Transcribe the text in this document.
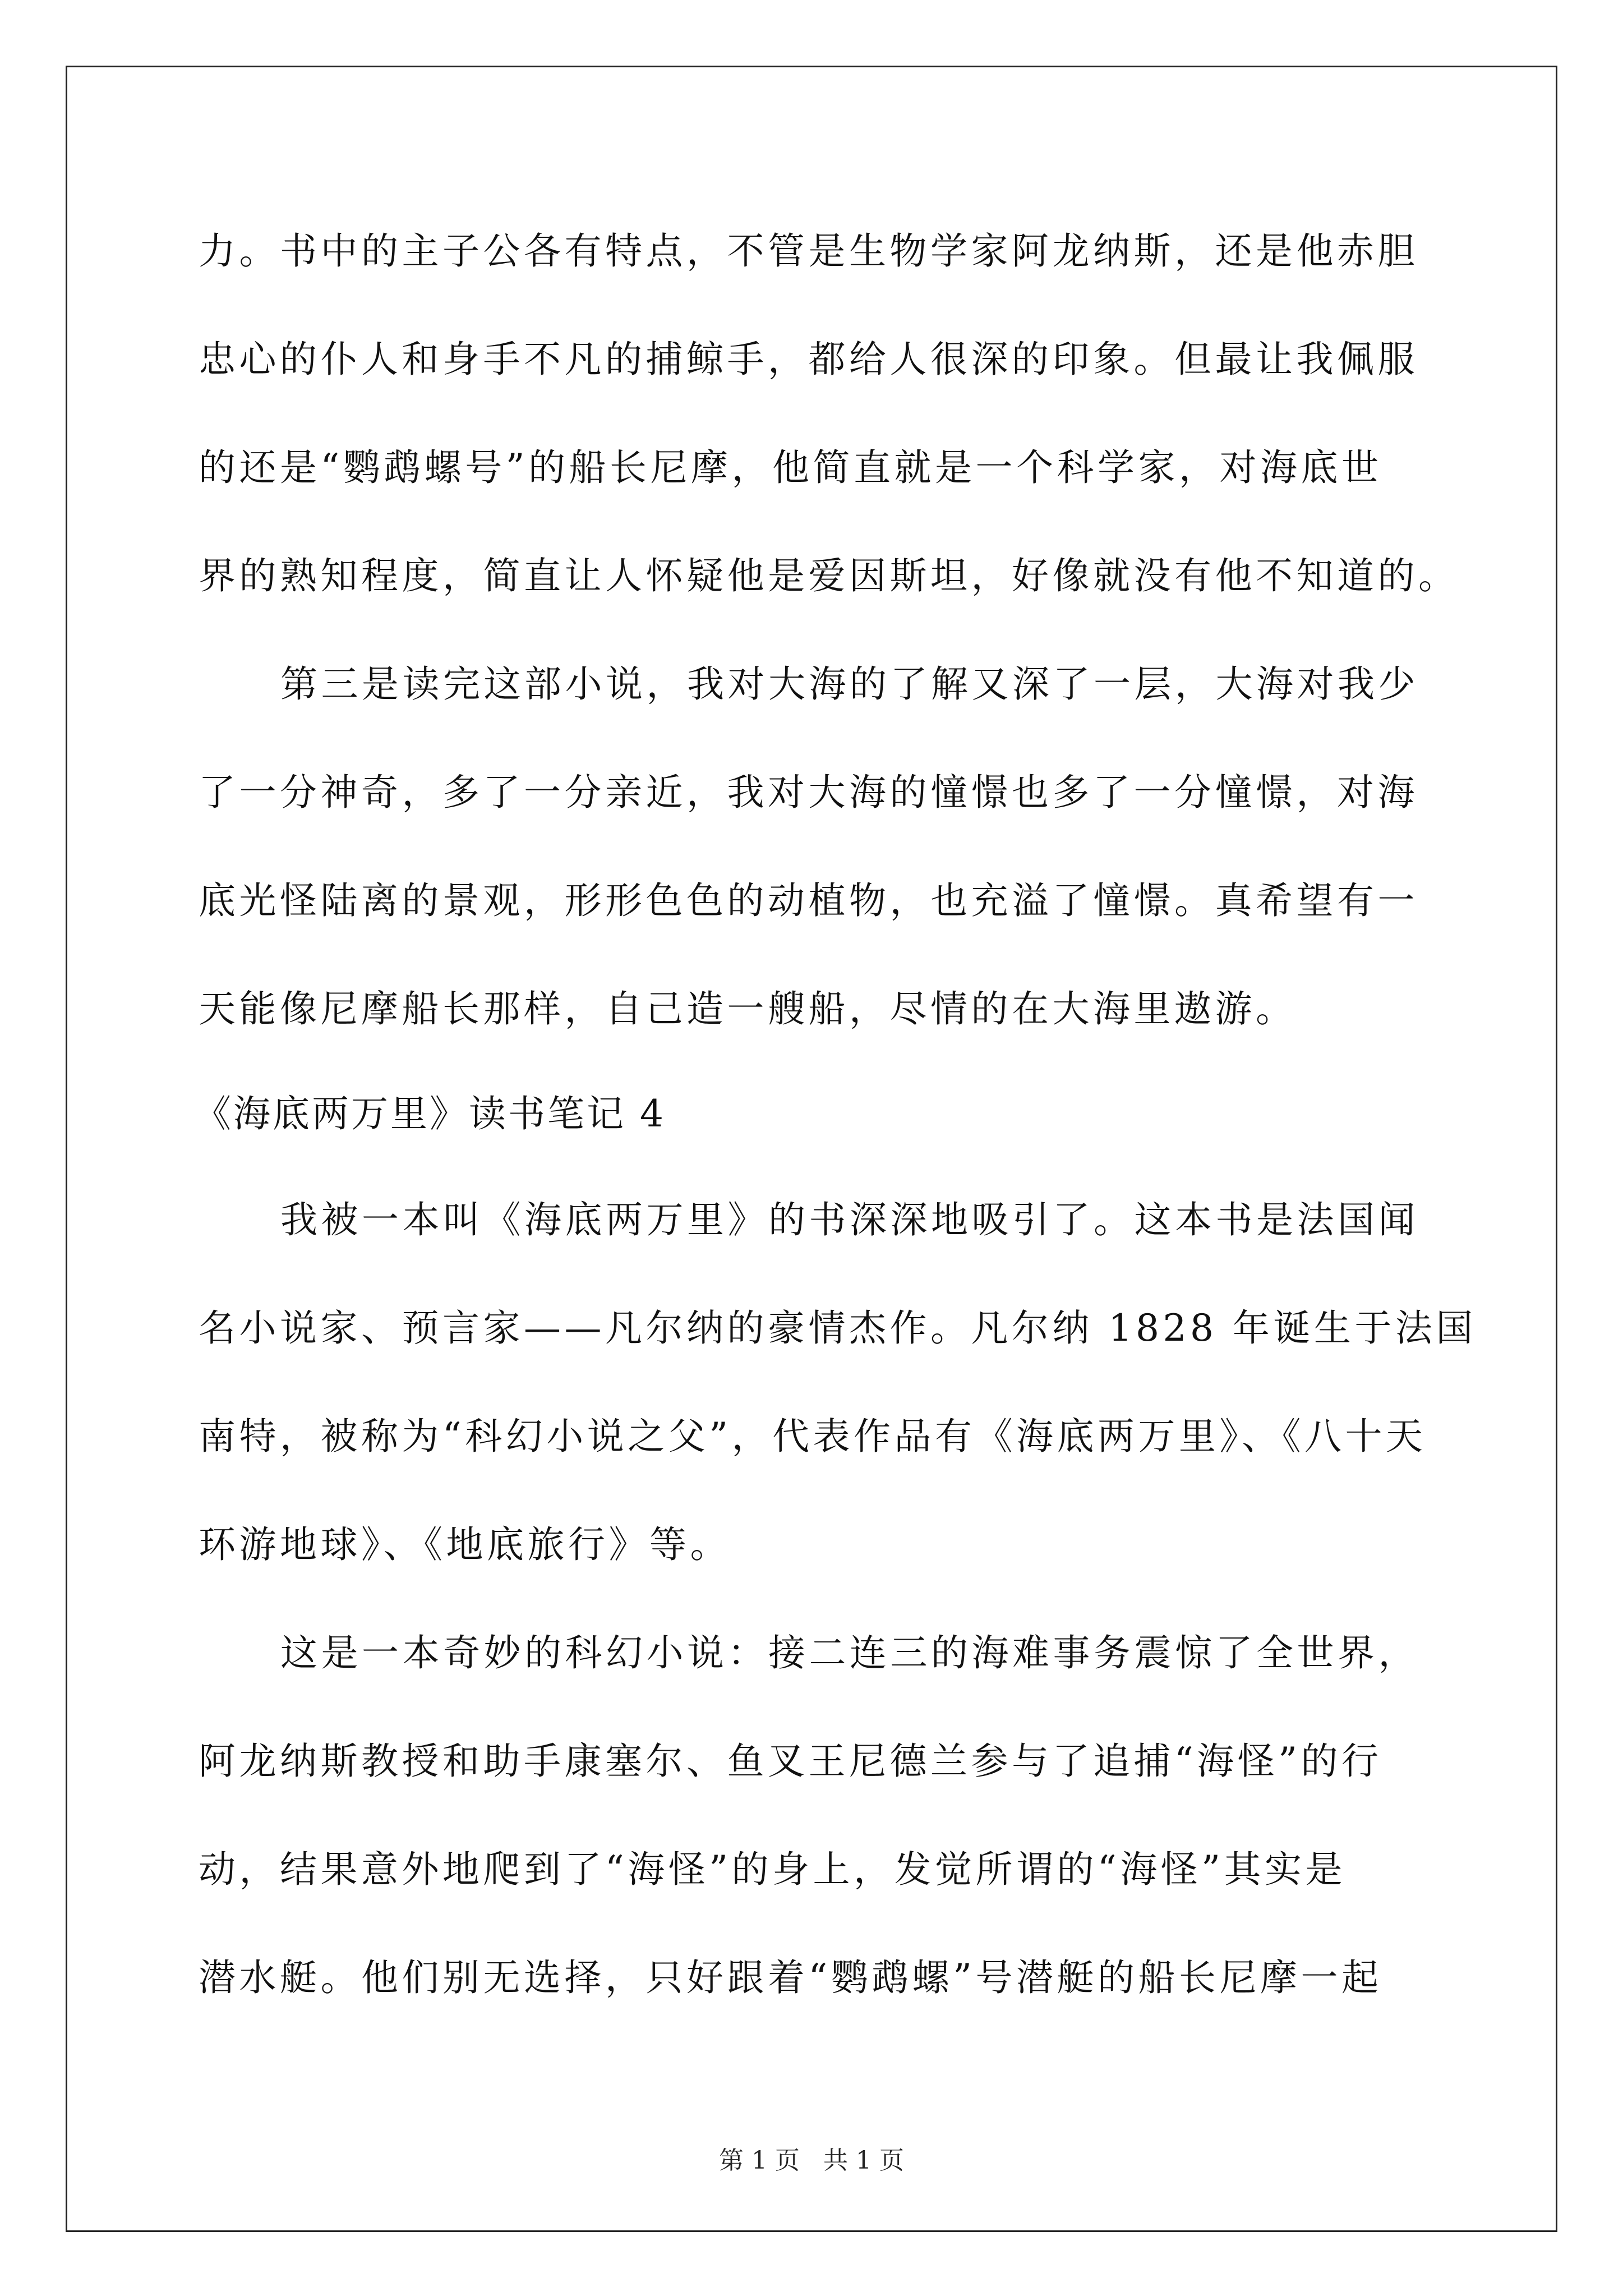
力。书中的主子公各有特点，不管是生物学家阿龙纳斯，还是他赤胆
忠心的仆人和身手不凡的捕鲸手，都给人很深的印象。但最让我佩服
的还是“鹦鹉螺号”的船长尼摩，他简直就是一个科学家，对海底世
界的熟知程度，简直让人怀疑他是爱因斯坦，好像就没有他不知道的。
第三是读完这部小说，我对大海的了解又深了一层，大海对我少
了一分神奇，多了一分亲近，我对大海的憧憬也多了一分憧憬，对海
底光怪陆离的景观，形形色色的动植物，也充溢了憧憬。真希望有一
天能像尼摩船长那样，自己造一艘船，尽情的在大海里遨游。
《海底两万里》读书笔记 4
我被一本叫《海底两万里》的书深深地吸引了。这本书是法国闻
名小说家、预言家——凡尔纳的豪情杰作。凡尔纳 1828 年诞生于法国
南特，被称为“科幻小说之父”，代表作品有《海底两万里》、《八十天
环游地球》、《地底旅行》等。
这是一本奇妙的科幻小说：接二连三的海难事务震惊了全世界，
阿龙纳斯教授和助手康塞尔、鱼叉王尼德兰参与了追捕“海怪”的行
动，结果意外地爬到了“海怪”的身上，发觉所谓的“海怪”其实是
潜水艇。他们别无选择，只好跟着“鹦鹉螺”号潜艇的船长尼摩一起
第 1 页 共 1 页
